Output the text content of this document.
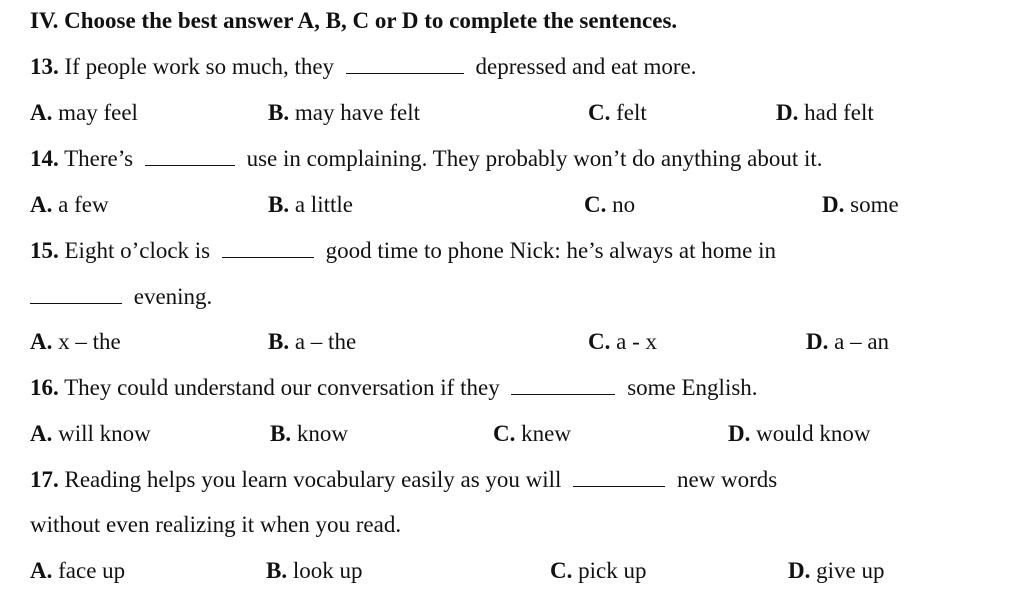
IV. Choose the best answer A, B, C or D to complete the sentences.
13. If people work so much, they	depressed and eat more.
A. may feel	B. may have felt	C. felt	D. had felt
14. There’s	use in complaining. They probably won’t do anything about it.
A. a few	B. a little	C. no	D. some
15. Eight o’clock is	good time to phone Nick: he’s always at home in
evening.
A. x – the	B. a – the	C. a - x	D. a – an
16. They could understand our conversation if they	some English.
A. will know	B. know	C. knew	D. would know
17. Reading helps you learn vocabulary easily as you will	new words
without even realizing it when you read.
A. face up	B. look up	C. pick up	D. give up
